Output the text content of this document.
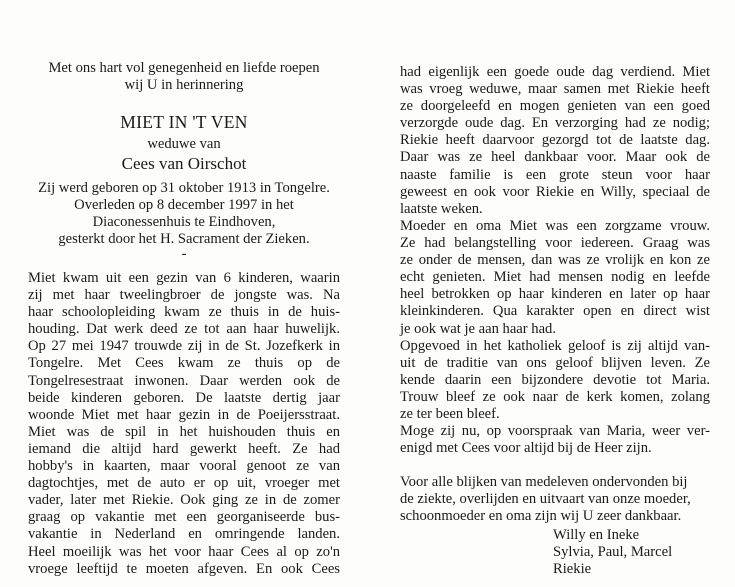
Met ons hart vol genegenheid en liefde roepen
wij U in herinnering
MIET IN 'T VEN
weduwe van
Cees van Oirschot
Zij werd geboren op 31 oktober 1913 in Tongelre.
Overleden op 8 december 1997 in het
Diaconessenhuis te Eindhoven,
gesterkt door het H. Sacrament der Zieken.
-
Miet kwam uit een gezin van 6 kinderen, waarin
zij met haar tweelingbroer de jongste was. Na
haar schoolopleiding kwam ze thuis in de huis-
houding. Dat werk deed ze tot aan haar huwelijk.
Op 27 mei 1947 trouwde zij in de St. Jozefkerk in
Tongelre. Met Cees kwam ze thuis op de
Tongelresestraat inwonen. Daar werden ook de
beide kinderen geboren. De laatste dertig jaar
woonde Miet met haar gezin in de Poeijersstraat.
Miet was de spil in het huishouden thuis en
iemand die altijd hard gewerkt heeft. Ze had
hobby's in kaarten, maar vooral genoot ze van
dagtochtjes, met de auto er op uit, vroeger met
vader, later met Riekie. Ook ging ze in de zomer
graag op vakantie met een georganiseerde bus-
vakantie in Nederland en omringende landen.
Heel moeilijk was het voor haar Cees al op zo'n
vroege leeftijd te moeten afgeven. En ook Cees
had eigenlijk een goede oude dag verdiend. Miet
was vroeg weduwe, maar samen met Riekie heeft
ze doorgeleefd en mogen genieten van een goed
verzorgde oude dag. En verzorging had ze nodig;
Riekie heeft daarvoor gezorgd tot de laatste dag.
Daar was ze heel dankbaar voor. Maar ook de
naaste familie is een grote steun voor haar
geweest en ook voor Riekie en Willy, speciaal de
laatste weken.
Moeder en oma Miet was een zorgzame vrouw.
Ze had belangstelling voor iedereen. Graag was
ze onder de mensen, dan was ze vrolijk en kon ze
echt genieten. Miet had mensen nodig en leefde
heel betrokken op haar kinderen en later op haar
kleinkinderen. Qua karakter open en direct wist
je ook wat je aan haar had.
Opgevoed in het katholiek geloof is zij altijd van-
uit de traditie van ons geloof blijven leven. Ze
kende daarin een bijzondere devotie tot Maria.
Trouw bleef ze ook naar de kerk komen, zolang
ze ter been bleef.
Moge zij nu, op voorspraak van Maria, weer ver-
enigd met Cees voor altijd bij de Heer zijn.
Voor alle blijken van medeleven ondervonden bij
de ziekte, overlijden en uitvaart van onze moeder,
schoonmoeder en oma zijn wij U zeer dankbaar.
Willy en Ineke
Sylvia, Paul, Marcel
Riekie
